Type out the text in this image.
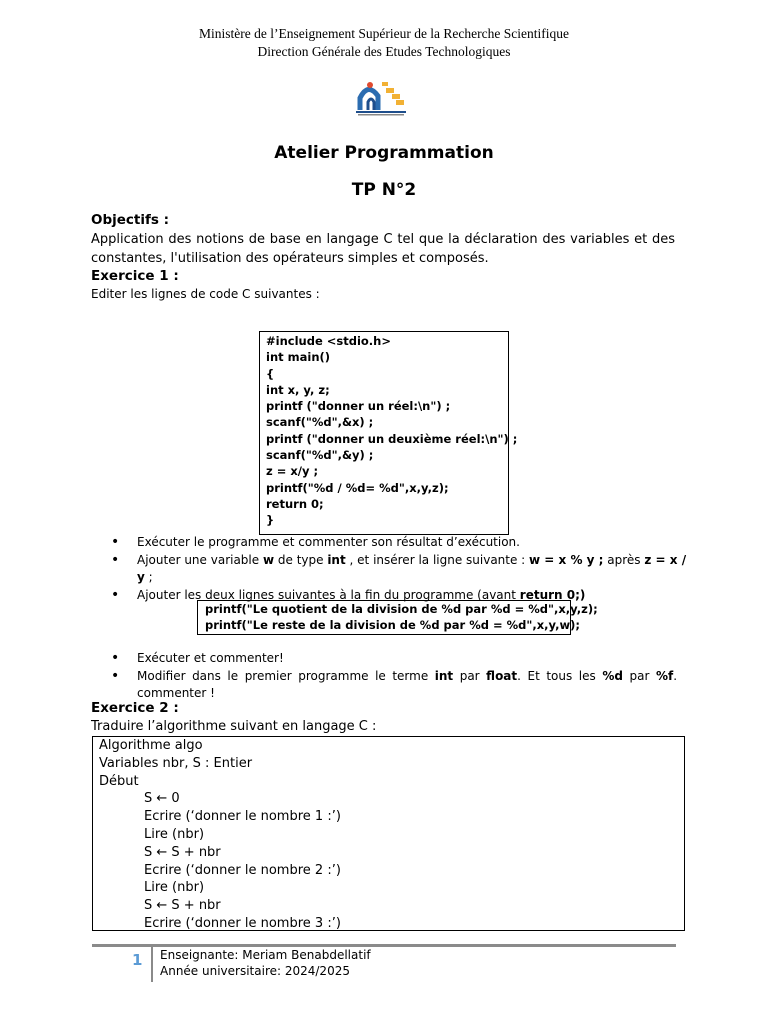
Ministère de l’Enseignement Supérieur de la Recherche Scientifique
Direction Générale des Etudes Technologiques
Atelier Programmation
TP N°2
Objectifs :
Application des notions de base en langage C tel que la déclaration des variables et des constantes, l'utilisation des opérateurs simples et composés.
Exercice 1 :
Editer les lignes de code C suivantes :
#include <stdio.h>
int main()
{
int x, y, z;
printf ("donner un réel:\n") ;
scanf("%d",&x) ;
printf ("donner un deuxième réel:\n") ;
scanf("%d",&y) ;
z = x/y ;
printf("%d / %d= %d",x,y,z);
return 0;
}
• Exécuter le programme et commenter son résultat d’exécution.
• Ajouter une variable w de type int , et insérer la ligne suivante : w = x % y ; après z = x / y ;
• Ajouter les deux lignes suivantes à la fin du programme (avant return 0;)
printf("Le quotient de la division de %d par %d = %d",x,y,z);
printf("Le reste de la division de %d par %d = %d",x,y,w);
• Exécuter et commenter!
• Modifier dans le premier programme le terme int par float. Et tous les %d par %f. commenter !
Exercice 2 :
Traduire l’algorithme suivant en langage C :
Algorithme algo
Variables nbr, S : Entier
Début
S ← 0
Ecrire (‘donner le nombre 1 :’)
Lire (nbr)
S ← S + nbr
Ecrire (‘donner le nombre 2 :’)
Lire (nbr)
S ← S + nbr
Ecrire (‘donner le nombre 3 :’)
1 Enseignante: Meriam Benabdellatif
Année universitaire: 2024/2025
